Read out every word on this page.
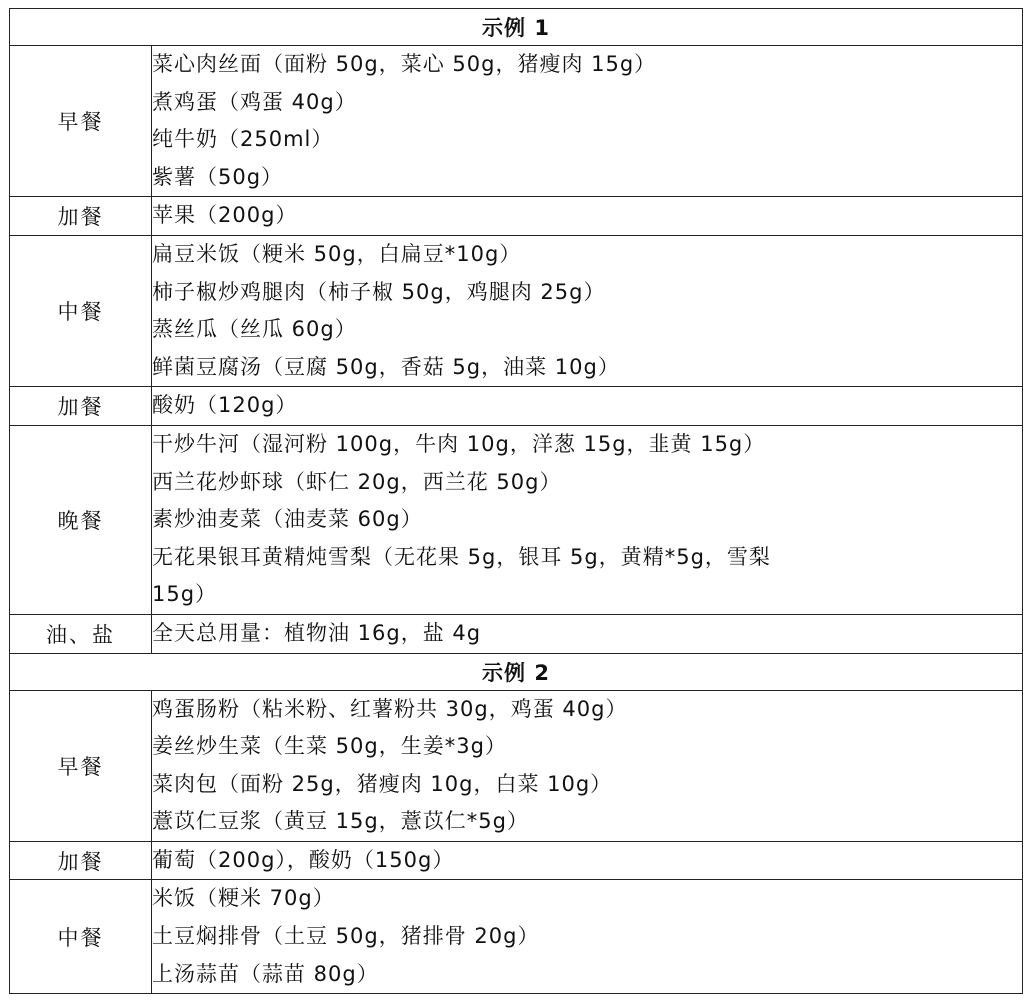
示例 1	
早餐	菜心肉丝面（面粉 50g，菜心 50g，猪瘦肉 15g）
煮鸡蛋（鸡蛋 40g）
纯牛奶（250ml）
紫薯（50g）

加餐	苹果（200g）

中餐	扁豆米饭（粳米 50g，白扁豆*10g）
柿子椒炒鸡腿肉（柿子椒 50g，鸡腿肉 25g）
蒸丝瓜（丝瓜 60g）
鲜菌豆腐汤（豆腐 50g，香菇 5g，油菜 10g）

加餐	酸奶（120g）

晚餐	干炒牛河（湿河粉 100g，牛肉 10g，洋葱 15g，韭黄 15g）
西兰花炒虾球（虾仁 20g，西兰花 50g）
素炒油麦菜（油麦菜 60g）
无花果银耳黄精炖雪梨（无花果 5g，银耳 5g，黄精*5g，雪梨
15g）

油、盐	全天总用量：植物油 16g，盐 4g

示例 2	
早餐	鸡蛋肠粉（粘米粉、红薯粉共 30g，鸡蛋 40g）
姜丝炒生菜（生菜 50g，生姜*3g）
菜肉包（面粉 25g，猪瘦肉 10g，白菜 10g）
薏苡仁豆浆（黄豆 15g，薏苡仁*5g）

加餐	葡萄（200g），酸奶（150g）

中餐	米饭（粳米 70g）
土豆焖排骨（土豆 50g，猪排骨 20g）
上汤蒜苗（蒜苗 80g）
